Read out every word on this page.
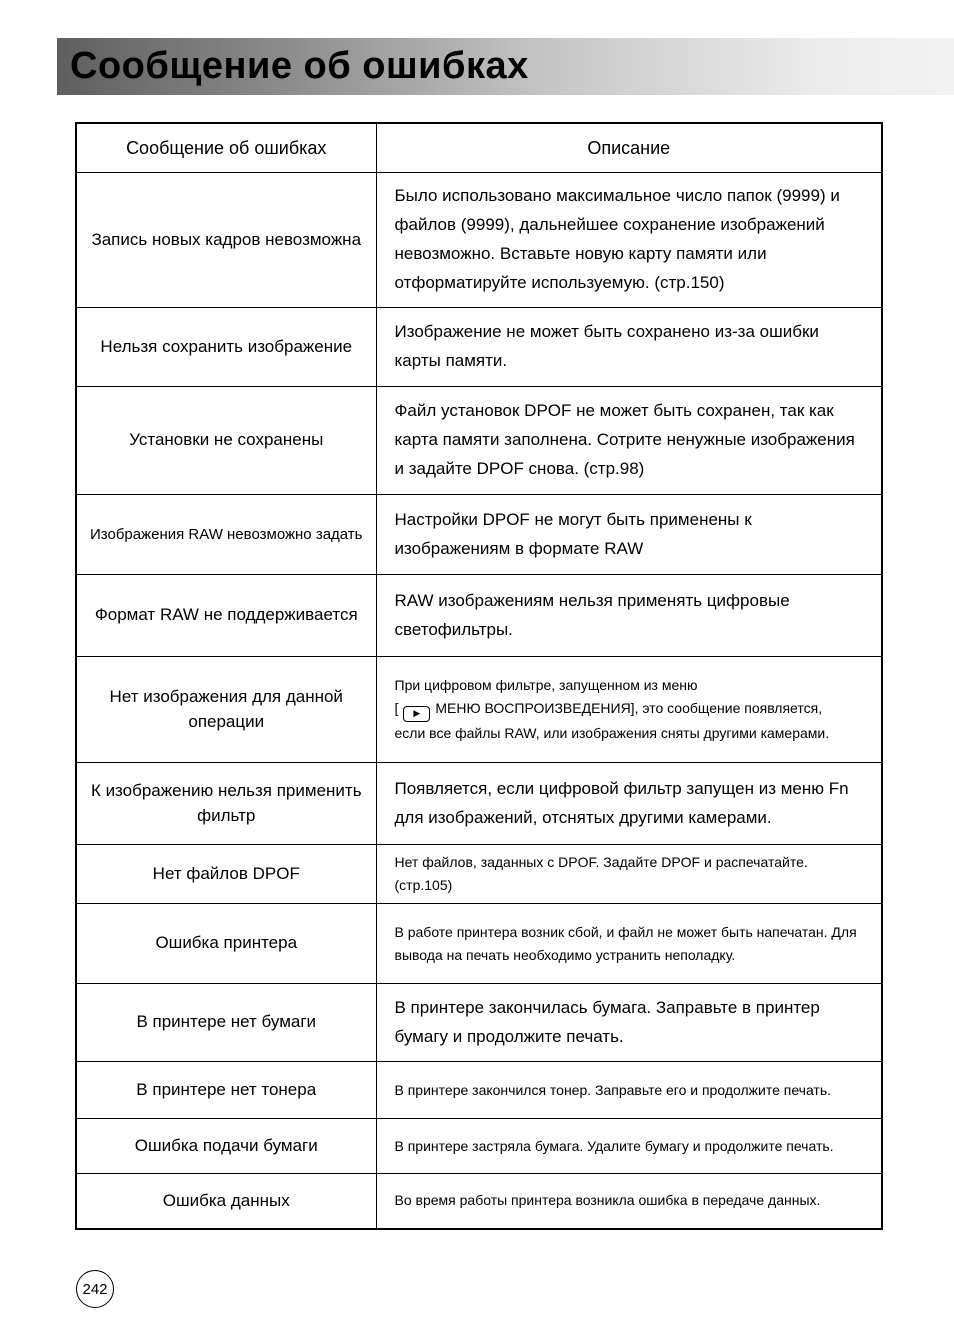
Сообщение об ошибках
Сообщение об ошибках	Описание
Запись новых кадров невозможна	Было использовано максимальное число папок (9999) и файлов (9999), дальнейшее сохранение изображений невозможно. Вставьте новую карту памяти или отформатируйте используемую. (стр.150)
Нельзя сохранить изображение	Изображение не может быть сохранено из-за ошибки карты памяти.
Установки не сохранены	Файл установок DPOF не может быть сохранен, так как карта памяти заполнена. Сотрите ненужные изображения и задайте DPOF снова. (стр.98)
Изображения RAW невозможно задать	Настройки DPOF не могут быть применены к изображениям в формате RAW
Формат RAW не поддерживается	RAW изображениям нельзя применять цифровые светофильтры.
Нет изображения для данной операции	При цифровом фильтре, запущенном из меню
[ ▶ МЕНЮ ВОСПРОИЗВЕДЕНИЯ], это сообщение появляется,
если все файлы RAW, или изображения сняты другими камерами.

К изображению нельзя применить фильтр	Появляется, если цифровой фильтр запущен из меню Fn для изображений, отснятых другими камерами.
Нет файлов DPOF	Нет файлов, заданных с DPOF. Задайте DPOF и распечатайте. (стр.105)
Ошибка принтера	В работе принтера возник сбой, и файл не может быть напечатан. Для вывода на печать необходимо устранить неполадку.
В принтере нет бумаги	В принтере закончилась бумага. Заправьте в принтер бумагу и продолжите печать.
В принтере нет тонера	В принтере закончился тонер. Заправьте его и продолжите печать.
Ошибка подачи бумаги	В принтере застряла бумага. Удалите бумагу и продолжите печать.
Ошибка данных	Во время работы принтера возникла ошибка в передаче данных.
242
